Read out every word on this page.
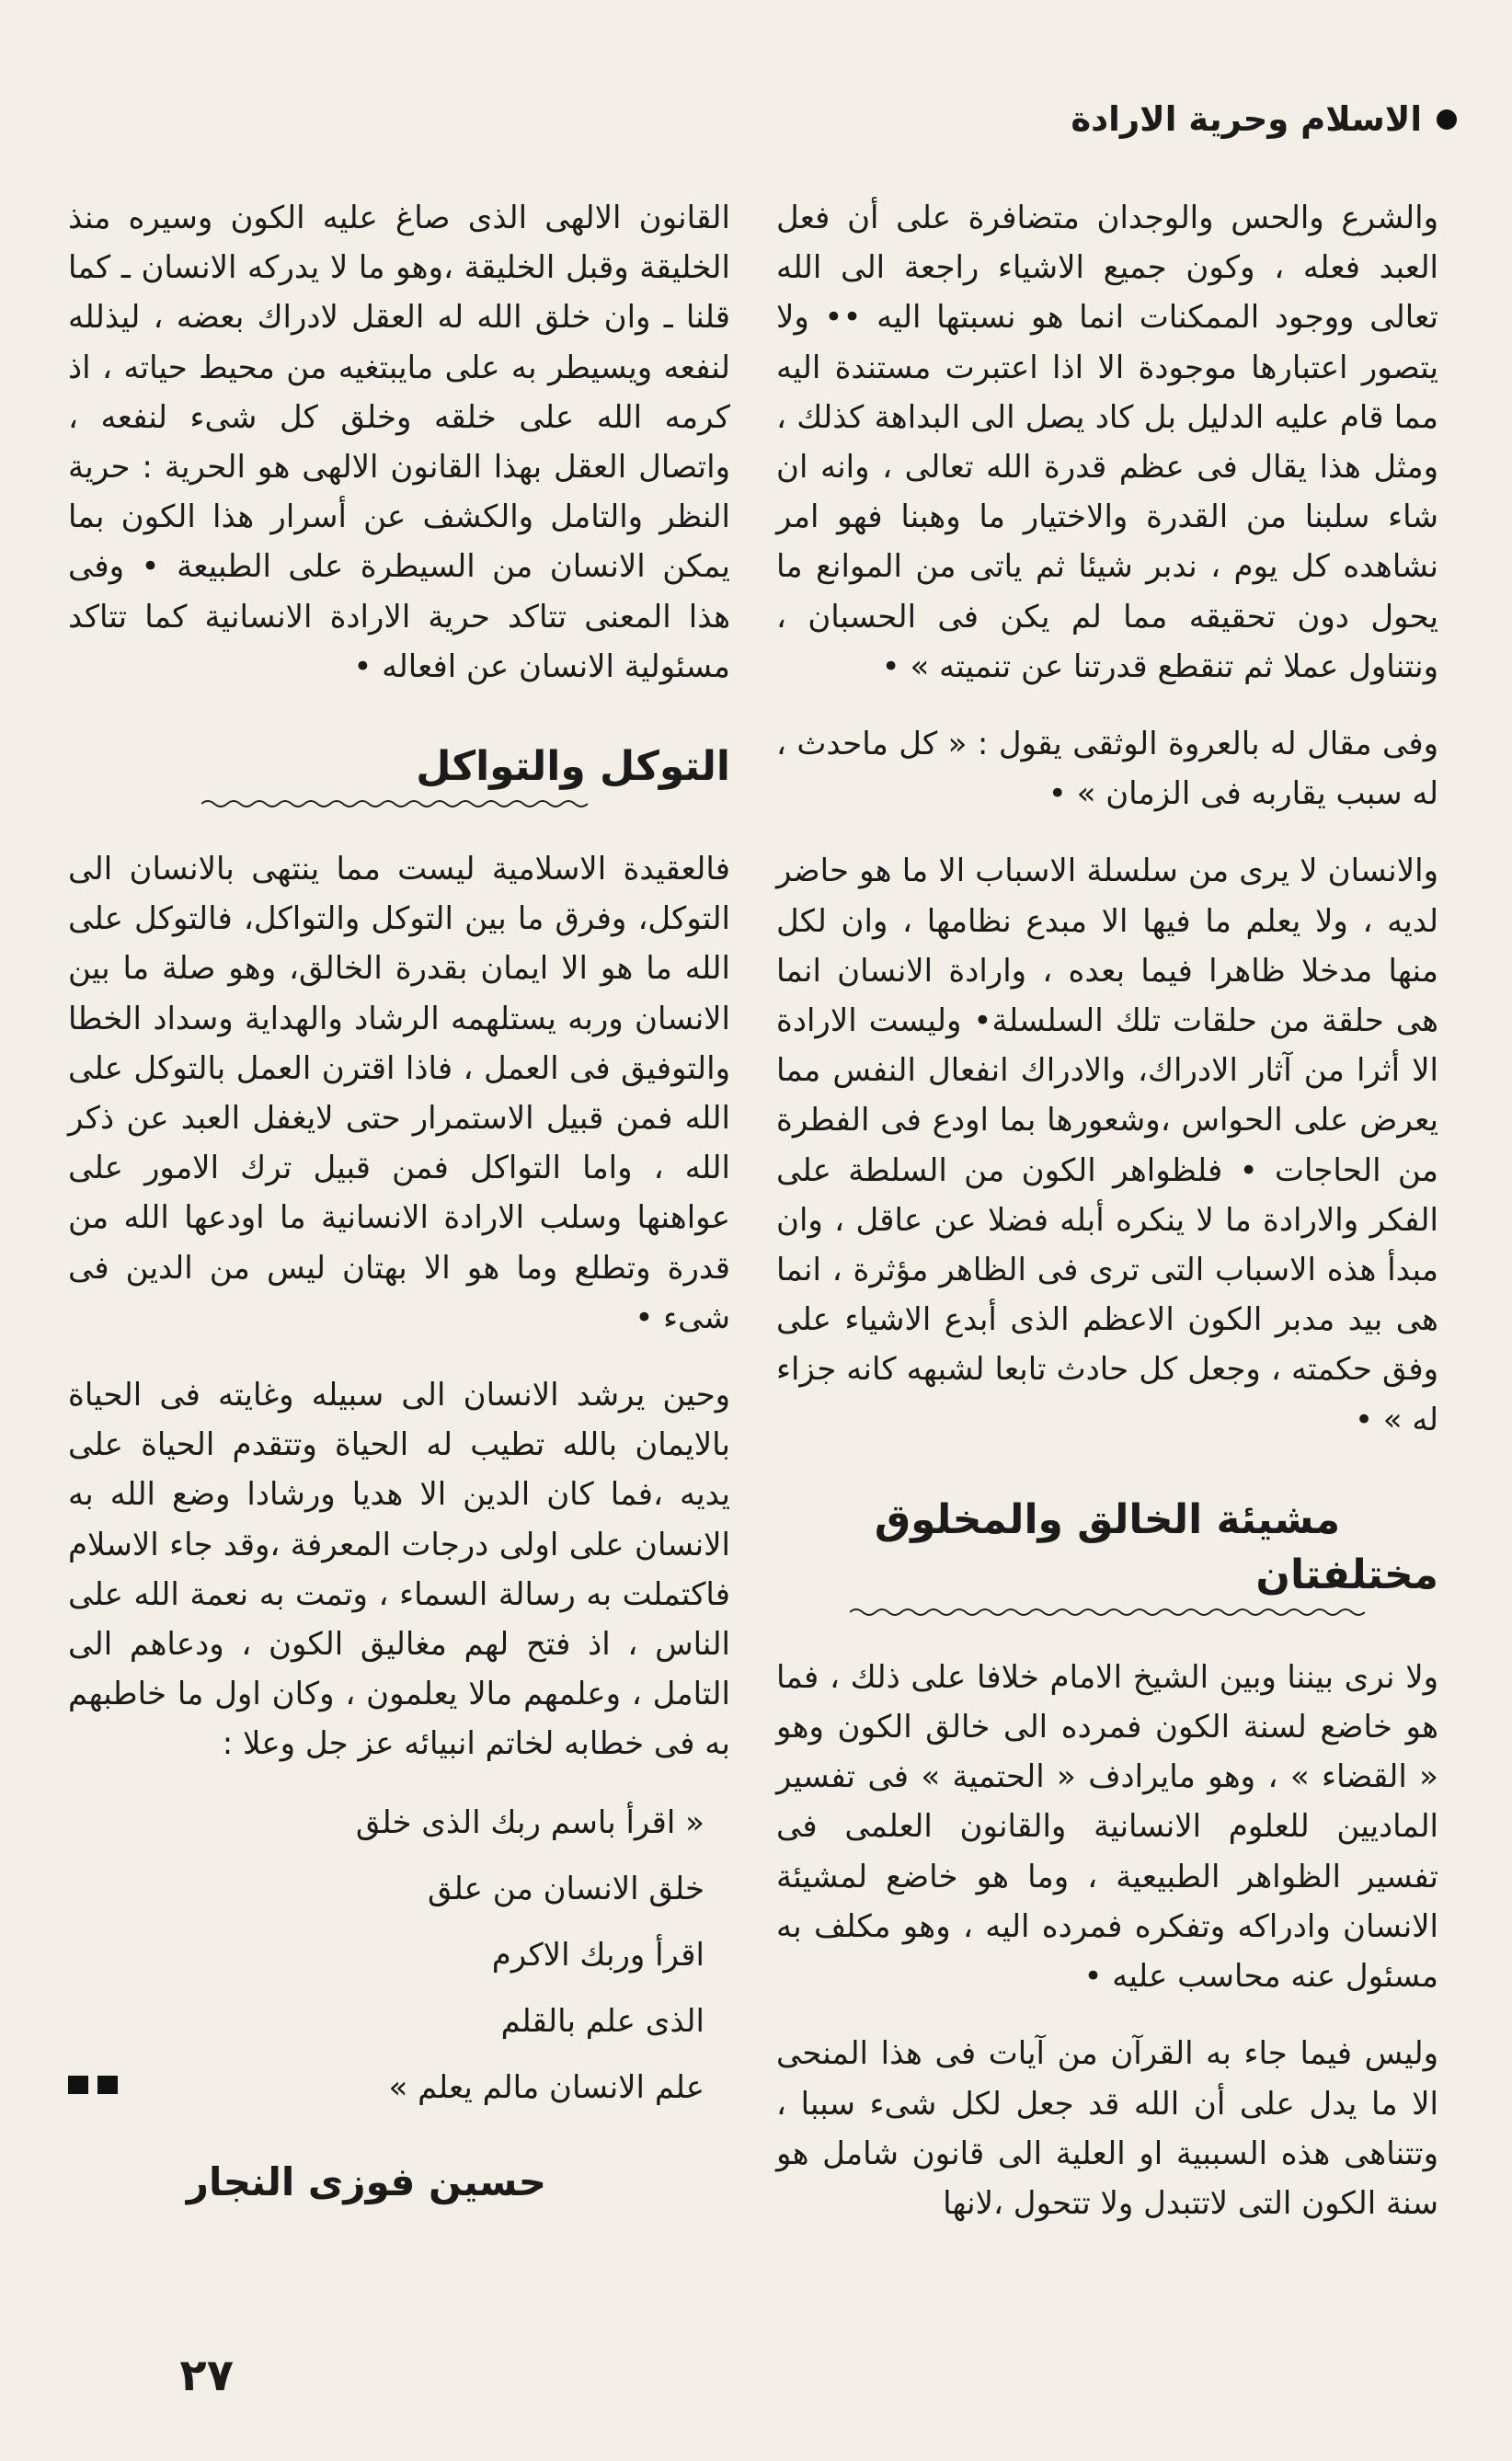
الاسلام وحرية الارادة

والشرع والحس والوجدان متضافرة على أن فعل العبد فعله ، وكون جميع الاشياء راجعة الى الله تعالى ووجود الممكنات انما هو نسبتها اليه •• ولا يتصور اعتبارها موجودة الا اذا اعتبرت مستندة اليه مما قام عليه الدليل بل كاد يصل الى البداهة كذلك ، ومثل هذا يقال فى عظم قدرة الله تعالى ، وانه ان شاء سلبنا من القدرة والاختيار ما وهبنا فهو امر نشاهده كل يوم ، ندبر شيئا ثم ياتى من الموانع ما يحول دون تحقيقه مما لم يكن فى الحسبان ، ونتناول عملا ثم تنقطع قدرتنا عن تنميته » •

وفى مقال له بالعروة الوثقى يقول : « كل ماحدث ، له سبب يقاربه فى الزمان » •

والانسان لا يرى من سلسلة الاسباب الا ما هو حاضر لديه ، ولا يعلم ما فيها الا مبدع نظامها ، وان لكل منها مدخلا ظاهرا فيما بعده ، وارادة الانسان انما هى حلقة من حلقات تلك السلسلة• وليست الارادة الا أثرا من آثار الادراك، والادراك انفعال النفس مما يعرض على الحواس ،وشعورها بما اودع فى الفطرة من الحاجات • فلظواهر الكون من السلطة على الفكر والارادة ما لا ينكره أبله فضلا عن عاقل ، وان مبدأ هذه الاسباب التى ترى فى الظاهر مؤثرة ، انما هى بيد مدبر الكون الاعظم الذى أبدع الاشياء على وفق حكمته ، وجعل كل حادث تابعا لشبهه كانه جزاء له » •

مشيئة الخالق والمخلوق مختلفتان

ولا نرى بيننا وبين الشيخ الامام خلافا على ذلك ، فما هو خاضع لسنة الكون فمرده الى خالق الكون وهو « القضاء » ، وهو مايرادف « الحتمية » فى تفسير الماديين للعلوم الانسانية والقانون العلمى فى تفسير الظواهر الطبيعية ، وما هو خاضع لمشيئة الانسان وادراكه وتفكره فمرده اليه ، وهو مكلف به مسئول عنه محاسب عليه •

وليس فيما جاء به القرآن من آيات فى هذا المنحى الا ما يدل على أن الله قد جعل لكل شىء سببا ، وتتناهى هذه السببية او العلية الى قانون شامل هو سنة الكون التى لاتتبدل ولا تتحول ،لانها

القانون الالهى الذى صاغ عليه الكون وسيره منذ الخليقة وقبل الخليقة ،وهو ما لا يدركه الانسان ـ كما قلنا ـ وان خلق الله له العقل لادراك بعضه ، ليذلله لنفعه ويسيطر به على مايبتغيه من محيط حياته ، اذ كرمه الله على خلقه وخلق كل شىء لنفعه ، واتصال العقل بهذا القانون الالهى هو الحرية : حرية النظر والتامل والكشف عن أسرار هذا الكون بما يمكن الانسان من السيطرة على الطبيعة • وفى هذا المعنى تتاكد حرية الارادة الانسانية كما تتاكد مسئولية الانسان عن افعاله •

التوكل والتواكل

فالعقيدة الاسلامية ليست مما ينتهى بالانسان الى التوكل، وفرق ما بين التوكل والتواكل، فالتوكل على الله ما هو الا ايمان بقدرة الخالق، وهو صلة ما بين الانسان وربه يستلهمه الرشاد والهداية وسداد الخطا والتوفيق فى العمل ، فاذا اقترن العمل بالتوكل على الله فمن قبيل الاستمرار حتى لايغفل العبد عن ذكر الله ، واما التواكل فمن قبيل ترك الامور على عواهنها وسلب الارادة الانسانية ما اودعها الله من قدرة وتطلع وما هو الا بهتان ليس من الدين فى شىء •

وحين يرشد الانسان الى سبيله وغايته فى الحياة بالايمان بالله تطيب له الحياة وتتقدم الحياة على يديه ،فما كان الدين الا هديا ورشادا وضع الله به الانسان على اولى درجات المعرفة ،وقد جاء الاسلام فاكتملت به رسالة السماء ، وتمت به نعمة الله على الناس ، اذ فتح لهم مغاليق الكون ، ودعاهم الى التامل ، وعلمهم مالا يعلمون ، وكان اول ما خاطبهم به فى خطابه لخاتم انبيائه عز جل وعلا :

« اقرأ باسم ربك الذى خلق
خلق الانسان من علق
اقرأ وربك الاكرم
الذى علم بالقلم
علم الانسان مالم يعلم »
حسين فوزى النجار
٢٧
